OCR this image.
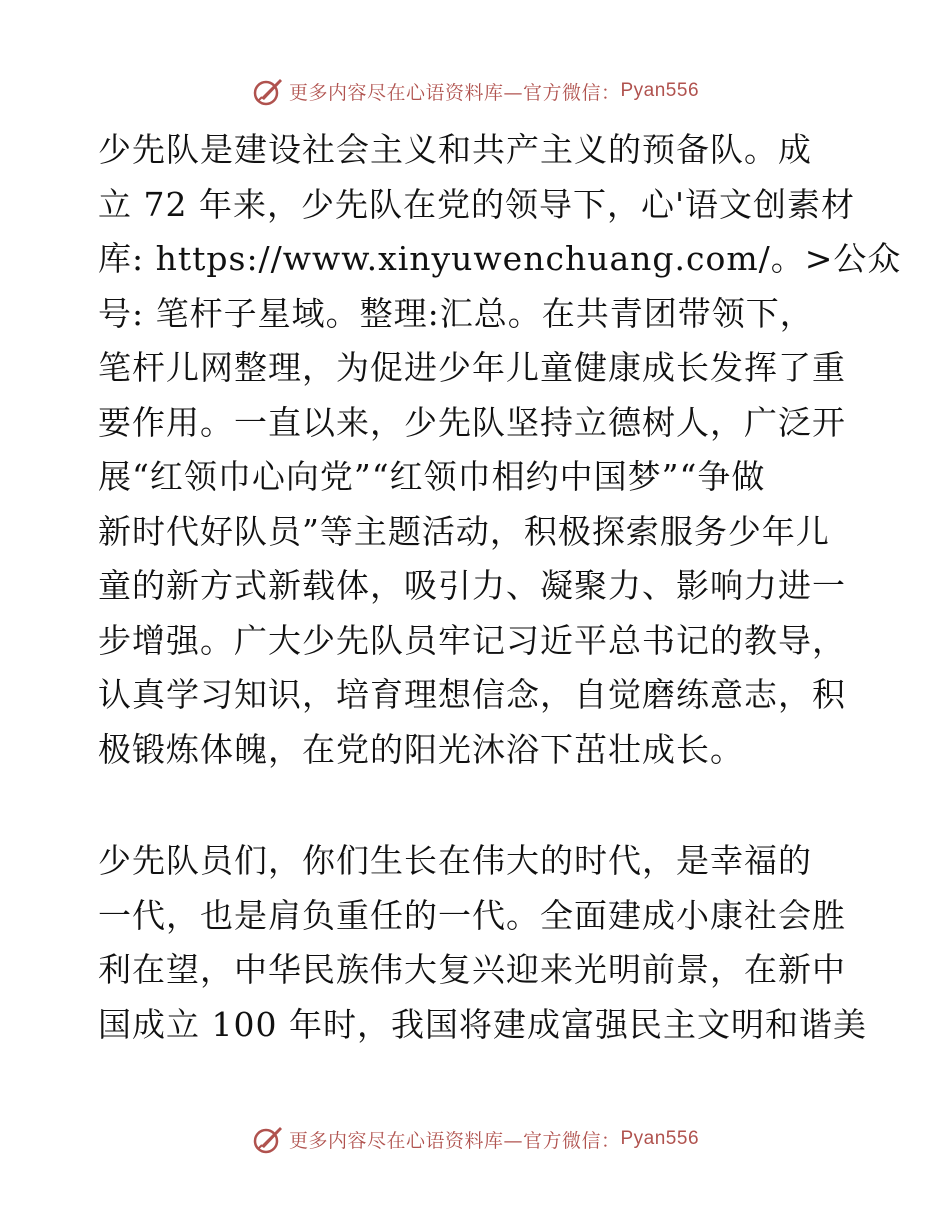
更多内容尽在心语资料库—官方微信： Pyan556
少先队是建设社会主义和共产主义的预备队。成
立 72 年来，少先队在党的领导下，心'语文创素材
库: https://www.xinyuwenchuang.com/。>公众
号: 笔杆子星域。整理:汇总。在共青团带领下，
笔杆儿网整理，为促进少年儿童健康成长发挥了重
要作用。一直以来，少先队坚持立德树人，广泛开
展“红领巾心向党”“红领巾相约中国梦”“争做
新时代好队员”等主题活动，积极探索服务少年儿
童的新方式新载体，吸引力、凝聚力、影响力进一
步增强。广大少先队员牢记习近平总书记的教导，
认真学习知识，培育理想信念，自觉磨练意志，积
极锻炼体魄，在党的阳光沐浴下茁壮成长。
少先队员们，你们生长在伟大的时代，是幸福的
一代，也是肩负重任的一代。全面建成小康社会胜
利在望，中华民族伟大复兴迎来光明前景，在新中
国成立 100 年时，我国将建成富强民主文明和谐美
更多内容尽在心语资料库—官方微信： Pyan556
